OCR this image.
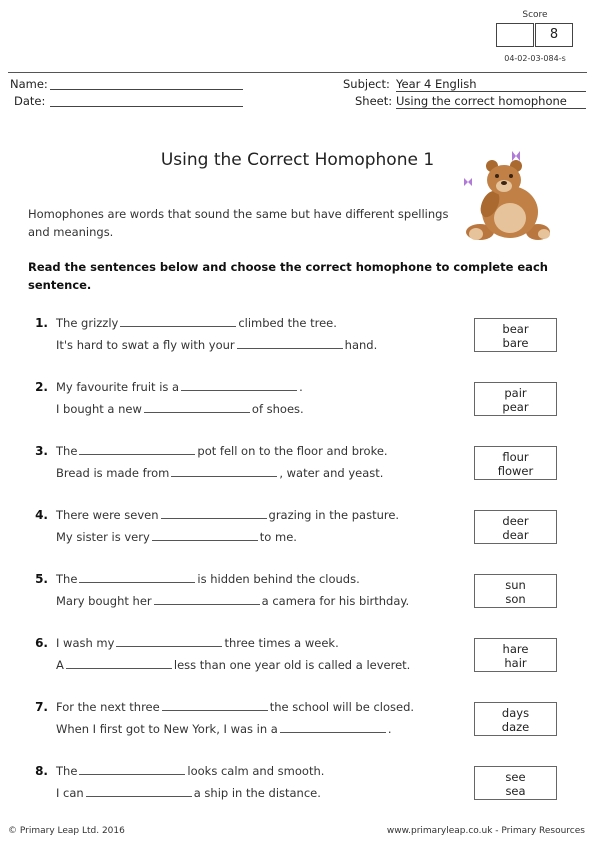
Score
8
04-02-03-084-s
Name:
Date:
Subject: Year 4 English
Sheet: Using the correct homophone
Using the Correct Homophone 1
Homophones are words that sound the same but have different spellings and meanings.
Read the sentences below and choose the correct homophone to complete each sentence.
1. The grizzly	climbed the tree.
It's hard to swat a fly with your	hand.
bear
bare
2. My favourite fruit is a	.
I bought a new	of shoes.
pair
pear
3. The	pot fell on to the floor and broke.
Bread is made from	, water and yeast.
flour
flower
4. There were seven	grazing in the pasture.
My sister is very	to me.
deer
dear
5. The	is hidden behind the clouds.
Mary bought her	a camera for his birthday.
sun
son
6. I wash my	three times a week.
A	less than one year old is called a leveret.
hare
hair
7. For the next three	the school will be closed.
When I first got to New York, I was in a	.
days
daze
8. The	looks calm and smooth.
I can	a ship in the distance.
see
sea
© Primary Leap Ltd. 2016	www.primaryleap.co.uk - Primary Resources
